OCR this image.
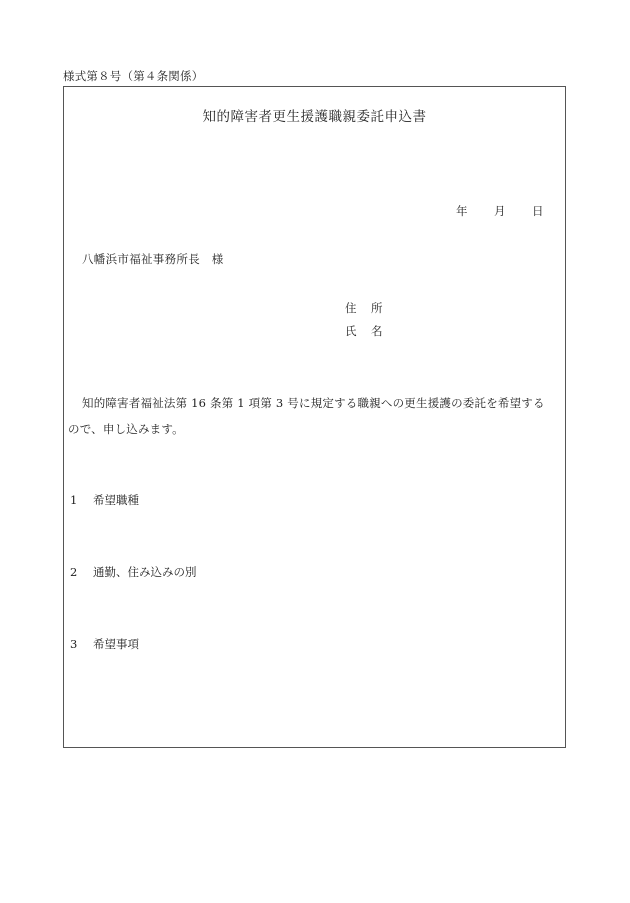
様式第８号（第４条関係）
知的障害者更生援護職親委託申込書
年 月 日
八幡浜市福祉事務所長　様
住 所
氏 名
知的障害者福祉法第 16 条第 1 項第 3 号に規定する職親への更生援護の委託を希望する
ので、申し込みます。
1 希望職種
2 通勤、住み込みの別
3 希望事項
